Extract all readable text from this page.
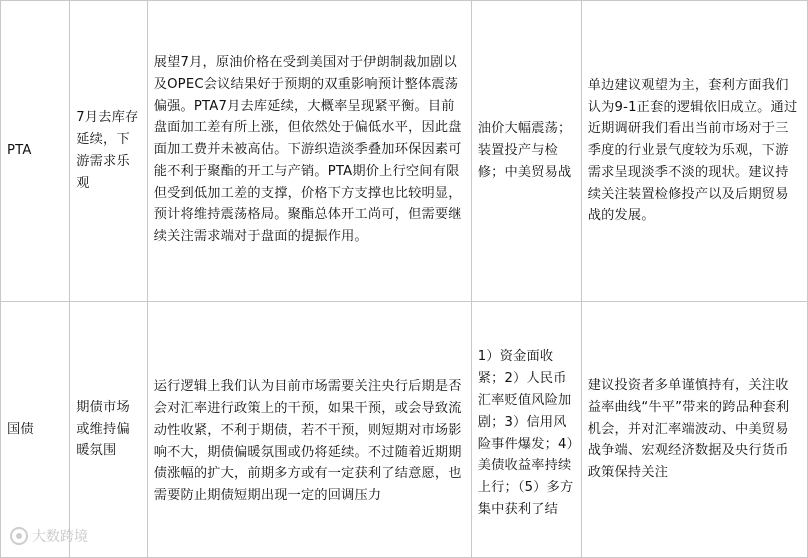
PTA	7月去库存延续，下游需求乐观	展望7月，原油价格在受到美国对于伊朗制裁加剧以及OPEC会议结果好于预期的双重影响预计整体震荡偏强。PTA7月去库延续，大概率呈现紧平衡。目前盘面加工差有所上涨，但依然处于偏低水平，因此盘面加工费并未被高估。下游织造淡季叠加环保因素可能不利于聚酯的开工与产销。PTA期价上行空间有限但受到低加工差的支撑，价格下方支撑也比较明显，预计将维持震荡格局。聚酯总体开工尚可，但需要继续关注需求端对于盘面的提振作用。	油价大幅震荡；装置投产与检修；中美贸易战	单边建议观望为主，套利方面我们认为9-1正套的逻辑依旧成立。通过近期调研我们看出当前市场对于三季度的行业景气度较为乐观，下游需求呈现淡季不淡的现状。建议持续关注装置检修投产以及后期贸易战的发展。

国债	期债市场或维持偏暖氛围	运行逻辑上我们认为目前市场需要关注央行后期是否会对汇率进行政策上的干预，如果干预，或会导致流动性收紧，不利于期债，若不干预，则短期对市场影响不大，期债偏暖氛围或仍将延续。不过随着近期期债涨幅的扩大，前期多方或有一定获利了结意愿，也需要防止期债短期出现一定的回调压力	1）资金面收紧；2）人民币汇率贬值风险加剧；3）信用风险事件爆发；4）美债收益率持续上行；（5）多方集中获利了结	建议投资者多单谨慎持有，关注收益率曲线“牛平”带来的跨品种套利机会，并对汇率端波动、中美贸易战争端、宏观经济数据及央行货币政策保持关注
大数跨境
